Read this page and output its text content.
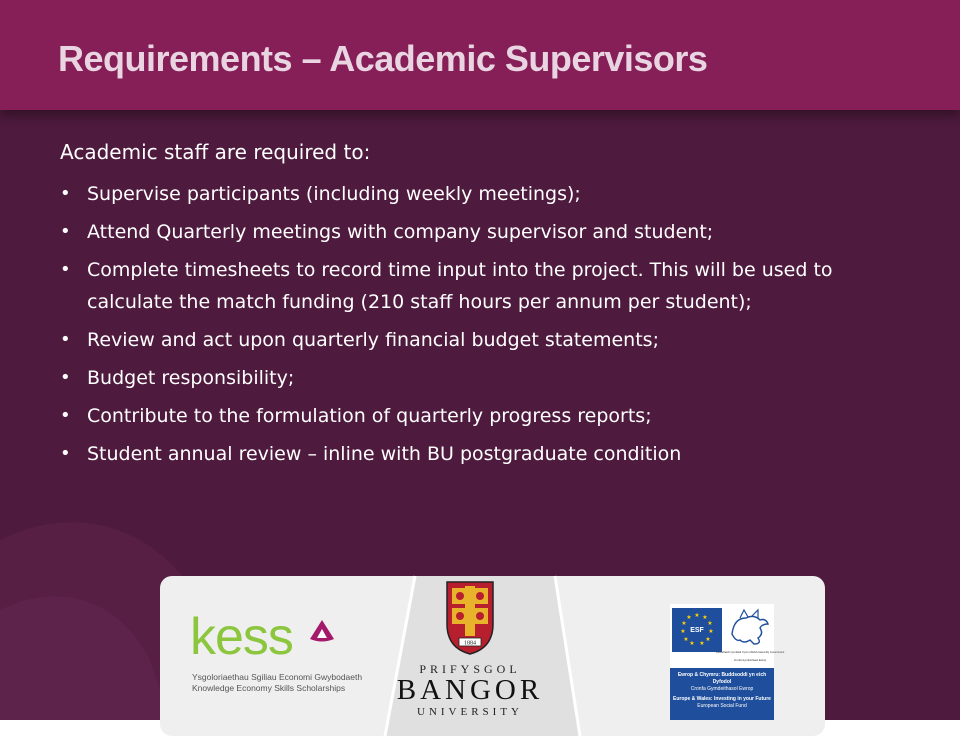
Requirements – Academic Supervisors

Academic staff are required to:

• Supervise participants (including weekly meetings);
• Attend Quarterly meetings with company supervisor and student;
• Complete timesheets to record time input into the project. This will be used to calculate the match funding (210 staff hours per annum per student);
• Review and act upon quarterly financial budget statements;
• Budget responsibility;
• Contribute to the formulation of quarterly progress reports;
• Student annual review – inline with BU postgraduate condition
kess
Ysgoloriaethau Sgiliau Economi Gwybodaeth
Knowledge Economy Skills Scholarships
1884
PRIFYSGOL
BANGOR
UNIVERSITY
★ ★
★
★
★
★
★
★
★
★
★
ESF
Llywodraeth Cynulliad Cymru Welsh Assembly Government
Cronfa Gymdeithasol Ewrop
Ewrop & Chymru: Buddsoddi yn eich Dyfodol
Cronfa Gymdeithasol Ewrop
Europe & Wales: Investing in your Future
European Social Fund
